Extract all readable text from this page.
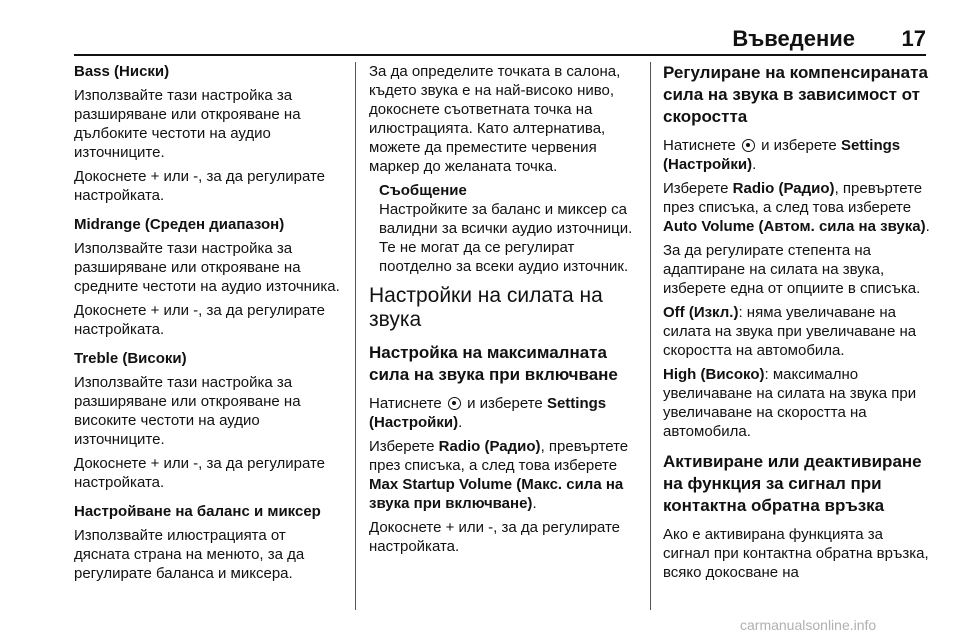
Въведение 17

Bass (Ниски)

Използвайте тази настройка за разширяване или открояване на дълбоките честоти на аудио източниците.

Докоснете + или -, за да регулирате настройката.

Midrange (Среден диапазон)

Използвайте тази настройка за разширяване или открояване на средните честоти на аудио източника.

Докоснете + или -, за да регулирате настройката.

Treble (Високи)

Използвайте тази настройка за разширяване или открояване на високите честоти на аудио източниците.

Докоснете + или -, за да регулирате настройката.

Настройване на баланс и миксер

Използвайте илюстрацията от дясната страна на менюто, за да регулирате баланса и миксера.

За да определите точката в салона, където звука е на най-високо ниво, докоснете съответната точка на илюстрацията. Като алтернатива, можете да преместите червения маркер до желаната точка.

Съобщение
Настройките за баланс и миксер са валидни за всички аудио източници. Те не могат да се регулират поотделно за всеки аудио източник.
Настройки на силата на звука
Настройка на максималната сила на звука при включване

Натиснете и изберете Settings (Настройки).

Изберете Radio (Радио), превъртете през списъка, а след това изберете Max Startup Volume (Макс. сила на звука при включване).

Докоснете + или -, за да регулирате настройката.

Регулиране на компенсираната сила на звука в зависимост от скоростта

Натиснете и изберете Settings (Настройки).

Изберете Radio (Радио), превъртете през списъка, а след това изберете Auto Volume (Автом. сила на звука).

За да регулирате степента на адаптиране на силата на звука, изберете една от опциите в списъка.

Off (Изкл.): няма увеличаване на силата на звука при увеличаване на скоростта на автомобила.

High (Високо): максимално увеличаване на силата на звука при увеличаване на скоростта на автомобила.

Активиране или деактивиране на функция за сигнал при контактна обратна връзка

Ако е активирана функцията за сигнал при контактна обратна връзка, всяко докосване на

carmanualsonline.info
